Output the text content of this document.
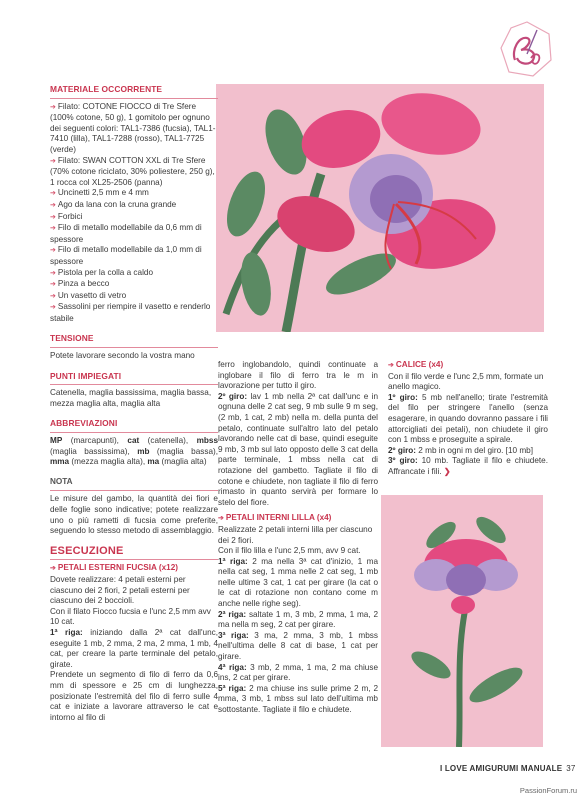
MATERIALE OCCORRENTE

➔ Filato: COTONE FIOCCO di Tre Sfere (100% cotone, 50 g), 1 gomitolo per ognuno dei seguenti colori: TAL1-7386 (fucsia), TAL1-7410 (lilla), TAL1-7288 (rosso), TAL1-7725 (verde)

➔ Filato: SWAN COTTON XXL di Tre Sfere (70% cotone riciclato, 30% poliestere, 250 g), 1 rocca col XL25-2506 (panna)

➔ Uncinetti 2,5 mm e 4 mm

➔ Ago da lana con la cruna grande

➔ Forbici

➔ Filo di metallo modellabile da 0,6 mm di spessore

➔ Filo di metallo modellabile da 1,0 mm di spessore

➔ Pistola per la colla a caldo

➔ Pinza a becco

➔ Un vasetto di vetro

➔ Sassolini per riempire il vasetto e renderlo stabile

TENSIONE

Potete lavorare secondo la vostra mano

PUNTI IMPIEGATI

Catenella, maglia bassissima, maglia bassa, mezza maglia alta, maglia alta

ABBREVIAZIONI

MP (marcapunti), cat (catenella), mbss (maglia bassissima), mb (maglia bassa), mma (mezza maglia alta), ma (maglia alta)

NOTA

Le misure del gambo, la quantità dei fiori e delle foglie sono indicative; potete realizzare uno o più rametti di fucsia come preferite, seguendo lo stesso metodo di assemblaggio.

ESECUZIONE

➔ PETALI ESTERNI FUCSIA (x12)

Dovete realizzare: 4 petali esterni per ciascuno dei 2 fiori, 2 petali esterni per ciascuno dei 2 boccioli.

Con il filato Fiocco fucsia e l'unc 2,5 mm avv 10 cat.

1ª riga: iniziando dalla 2ª cat dall'unc, eseguite 1 mb, 2 mma, 2 ma, 2 mma, 1 mb, 4 cat, per creare la parte terminale del petalo, girate.

Prendete un segmento di filo di ferro da 0,6 mm di spessore e 25 cm di lunghezza, posizionate l'estremità del filo di ferro sulle 4 cat e iniziate a lavorare attraverso le cat e intorno al filo di

ferro inglobandolo, quindi continuate a inglobare il filo di ferro tra le m in lavorazione per tutto il giro.

2º giro: lav 1 mb nella 2ª cat dall'unc e in ognuna delle 2 cat seg, 9 mb sulle 9 m seg, (2 mb, 1 cat, 2 mb) nella m. della punta del petalo, continuate sull'altro lato del petalo lavorando nelle cat di base, quindi eseguite 9 mb, 3 mb sul lato opposto delle 3 cat della parte terminale, 1 mbss nella cat di rotazione del gambetto. Tagliate il filo di cotone e chiudete, non tagliate il filo di ferro rimasto in quanto servirà per formare lo stelo del fiore.

➔ PETALI INTERNI LILLA (x4)

Realizzate 2 petali interni lilla per ciascuno dei 2 fiori.

Con il filo lilla e l'unc 2,5 mm, avv 9 cat.

1ª riga: 2 ma nella 3ª cat d'inizio, 1 ma nella cat seg, 1 mma nelle 2 cat seg, 1 mb nelle ultime 3 cat, 1 cat per girare (la cat o le cat di rotazione non contano come m anche nelle righe seg).

2ª riga: saltate 1 m, 3 mb, 2 mma, 1 ma, 2 ma nella m seg, 2 cat per girare.

3ª riga: 3 ma, 2 mma, 3 mb, 1 mbss nell'ultima delle 8 cat di base, 1 cat per girare.

4ª riga: 3 mb, 2 mma, 1 ma, 2 ma chiuse ins, 2 cat per girare.

5ª riga: 2 ma chiuse ins sulle prime 2 m, 2 mma, 3 mb, 1 mbss sul lato dell'ultima mb sottostante. Tagliate il filo e chiudete.

➔ CALICE (x4)

Con il filo verde e l'unc 2,5 mm, formate un anello magico.

1º giro: 5 mb nell'anello; tirate l'estremità del filo per stringere l'anello (senza esagerare, in quando dovranno passare i fili attorcigliati dei petali), non chiudete il giro con 1 mbss e proseguite a spirale.

2º giro: 2 mb in ogni m del giro. [10 mb]

3º giro: 10 mb. Tagliate il filo e chiudete. Affrancate i fili. ❯

I LOVE AMIGURUMI MANUALE 37
PassionForum.ru
